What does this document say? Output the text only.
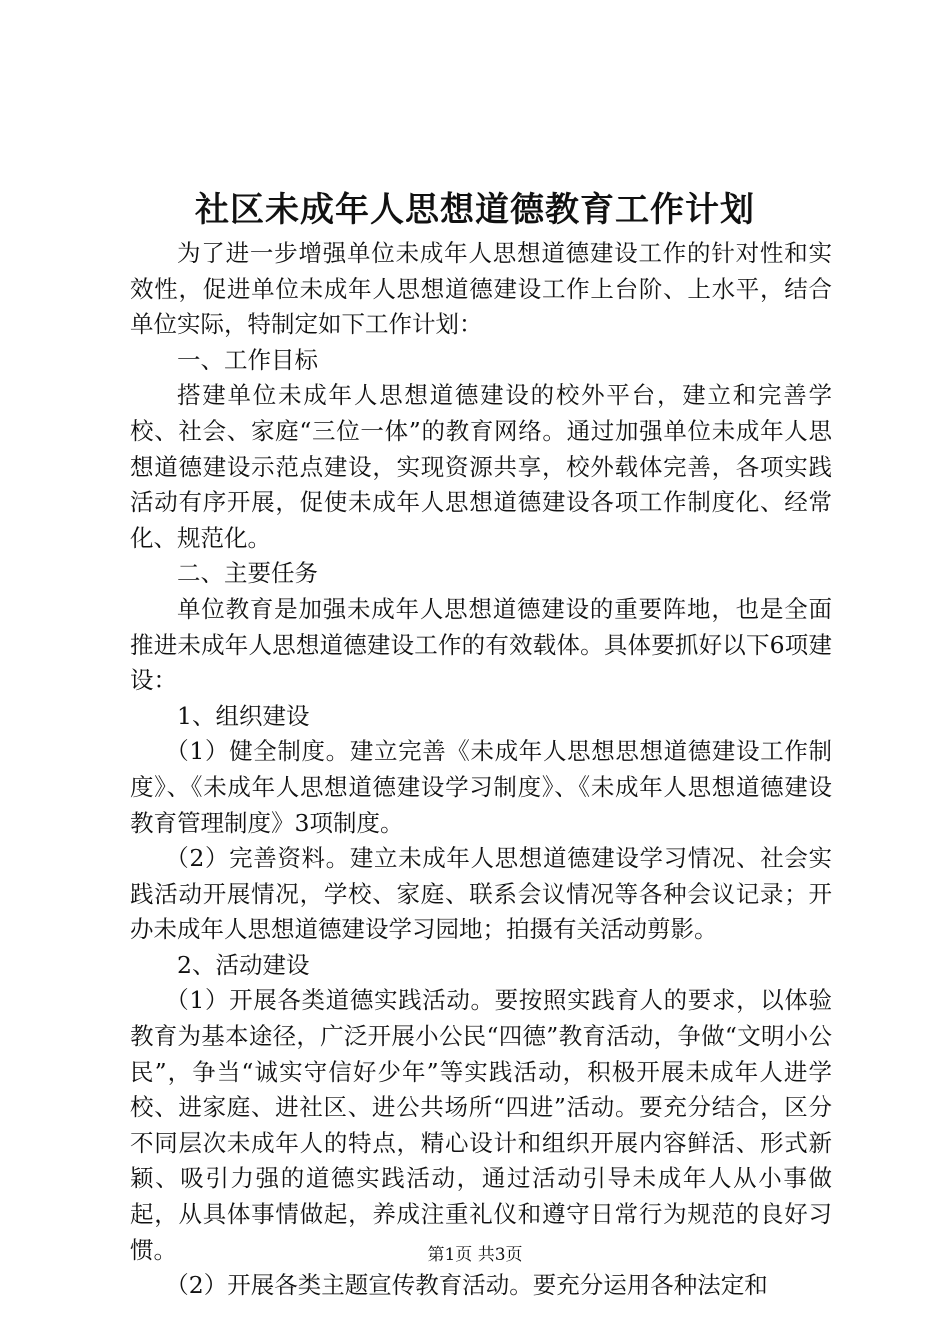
社区未成年人思想道德教育工作计划

为了进一步增强单位未成年人思想道德建设工作的针对性和实效性，促进单位未成年人思想道德建设工作上台阶、上水平，结合单位实际，特制定如下工作计划：

一、工作目标

搭建单位未成年人思想道德建设的校外平台，建立和完善学校、社会、家庭“三位一体”的教育网络。通过加强单位未成年人思想道德建设示范点建设，实现资源共享，校外载体完善，各项实践活动有序开展，促使未成年人思想道德建设各项工作制度化、经常化、规范化。

二、主要任务

单位教育是加强未成年人思想道德建设的重要阵地，也是全面推进未成年人思想道德建设工作的有效载体。具体要抓好以下6项建设：

1、组织建设

（1）健全制度。建立完善《未成年人思想思想道德建设工作制度》、《未成年人思想道德建设学习制度》、《未成年人思想道德建设教育管理制度》3项制度。

（2）完善资料。建立未成年人思想道德建设学习情况、社会实践活动开展情况，学校、家庭、联系会议情况等各种会议记录；开办未成年人思想道德建设学习园地；拍摄有关活动剪影。

2、活动建设

（1）开展各类道德实践活动。要按照实践育人的要求，以体验教育为基本途径，广泛开展小公民“四德”教育活动，争做“文明小公民”，争当“诚实守信好少年”等实践活动，积极开展未成年人进学校、进家庭、进社区、进公共场所“四进”活动。要充分结合，区分不同层次未成年人的特点，精心设计和组织开展内容鲜活、形式新颖、吸引力强的道德实践活动，通过活动引导未成年人从小事做起，从具体事情做起，养成注重礼仪和遵守日常行为规范的良好习惯。

（2）开展各类主题宣传教育活动。要充分运用各种法定和

第1页 共3页
